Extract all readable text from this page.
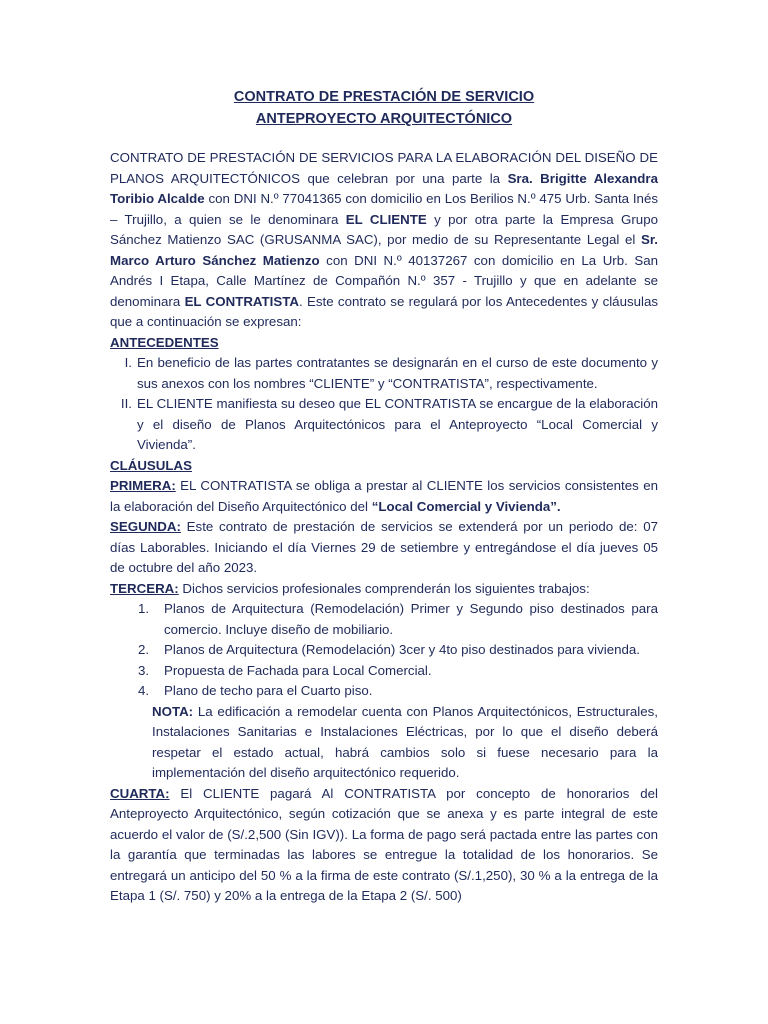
CONTRATO DE PRESTACIÓN DE SERVICIO
ANTEPROYECTO ARQUITECTÓNICO

CONTRATO DE PRESTACIÓN DE SERVICIOS PARA LA ELABORACIÓN DEL DISEÑO DE PLANOS ARQUITECTÓNICOS que celebran por una parte la Sra. Brigitte Alexandra Toribio Alcalde con DNI N.º 77041365 con domicilio en Los Berilios N.º 475 Urb. Santa Inés – Trujillo, a quien se le denominara EL CLIENTE y por otra parte la Empresa Grupo Sánchez Matienzo SAC (GRUSANMA SAC), por medio de su Representante Legal el Sr. Marco Arturo Sánchez Matienzo con DNI N.º 40137267 con domicilio en La Urb. San Andrés I Etapa, Calle Martínez de Compañón N.º 357 - Trujillo y que en adelante se denominara EL CONTRATISTA. Este contrato se regulará por los Antecedentes y cláusulas que a continuación se expresan:

ANTECEDENTES
I. En beneficio de las partes contratantes se designarán en el curso de este documento y sus anexos con los nombres “CLIENTE” y “CONTRATISTA”, respectivamente.
II. EL CLIENTE manifiesta su deseo que EL CONTRATISTA se encargue de la elaboración y el diseño de Planos Arquitectónicos para el Anteproyecto “Local Comercial y Vivienda”.
CLÁUSULAS

PRIMERA: EL CONTRATISTA se obliga a prestar al CLIENTE los servicios consistentes en la elaboración del Diseño Arquitectónico del “Local Comercial y Vivienda”.

SEGUNDA: Este contrato de prestación de servicios se extenderá por un periodo de: 07 días Laborables. Iniciando el día Viernes 29 de setiembre y entregándose el día jueves 05 de octubre del año 2023.

TERCERA: Dichos servicios profesionales comprenderán los siguientes trabajos:

1. Planos de Arquitectura (Remodelación) Primer y Segundo piso destinados para comercio. Incluye diseño de mobiliario.
2. Planos de Arquitectura (Remodelación) 3cer y 4to piso destinados para vivienda.
3. Propuesta de Fachada para Local Comercial.
4. Plano de techo para el Cuarto piso.
NOTA: La edificación a remodelar cuenta con Planos Arquitectónicos, Estructurales, Instalaciones Sanitarias e Instalaciones Eléctricas, por lo que el diseño deberá respetar el estado actual, habrá cambios solo si fuese necesario para la implementación del diseño arquitectónico requerido.

CUARTA: El CLIENTE pagará Al CONTRATISTA por concepto de honorarios del Anteproyecto Arquitectónico, según cotización que se anexa y es parte integral de este acuerdo el valor de (S/.2,500 (Sin IGV)). La forma de pago será pactada entre las partes con la garantía que terminadas las labores se entregue la totalidad de los honorarios. Se entregará un anticipo del 50 % a la firma de este contrato (S/.1,250), 30 % a la entrega de la Etapa 1 (S/. 750) y 20% a la entrega de la Etapa 2 (S/. 500)
